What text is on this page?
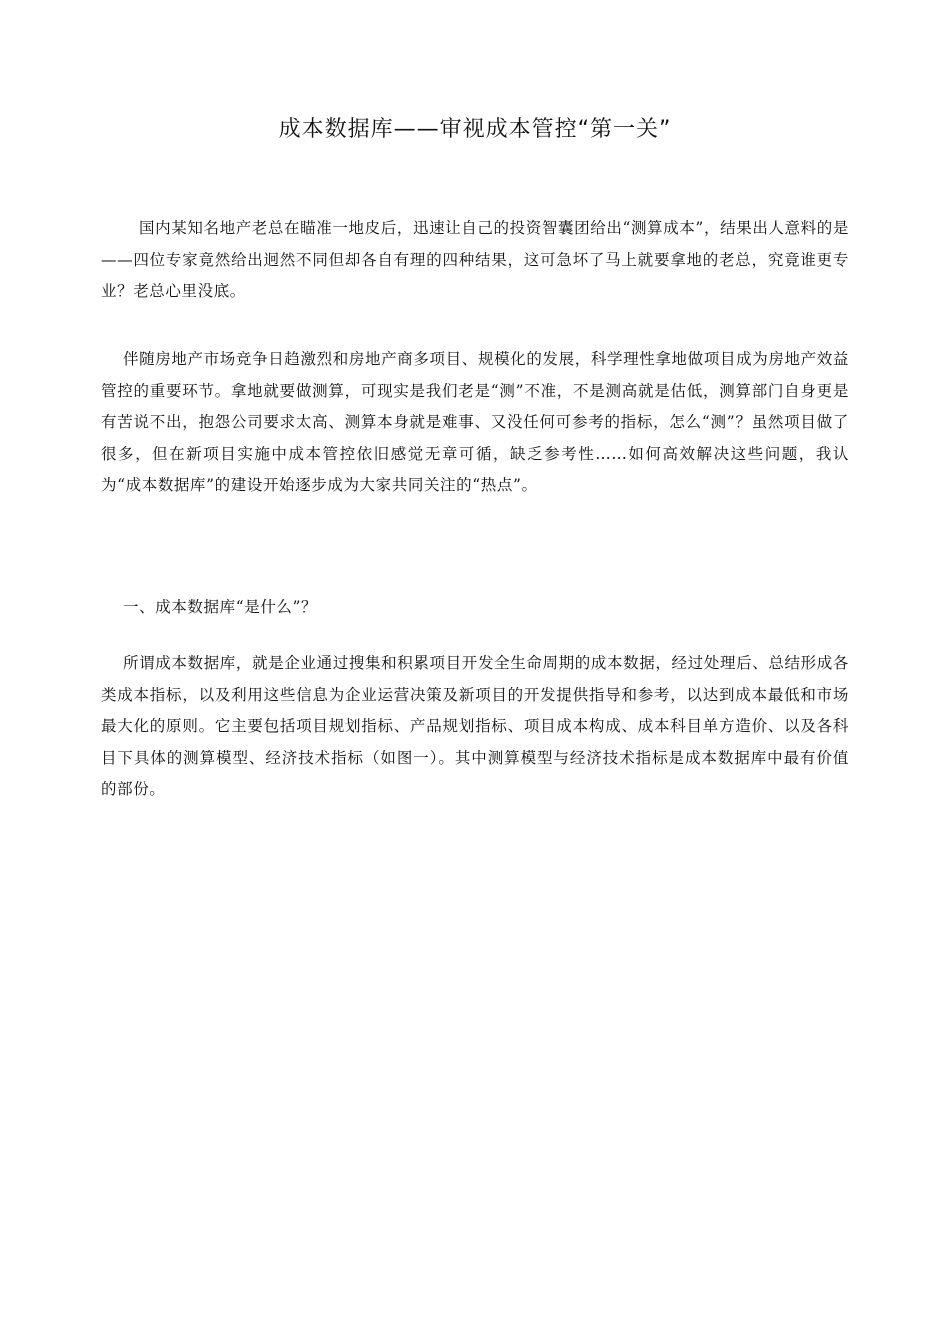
成本数据库——审视成本管控“第一关”

国内某知名地产老总在瞄准一地皮后，迅速让自己的投资智囊团给出“测算成本”，结果出人意料的是——四位专家竟然给出迥然不同但却各自有理的四种结果，这可急坏了马上就要拿地的老总，究竟谁更专业？老总心里没底。

伴随房地产市场竞争日趋激烈和房地产商多项目、规模化的发展，科学理性拿地做项目成为房地产效益管控的重要环节。拿地就要做测算，可现实是我们老是“测”不准，不是测高就是估低，测算部门自身更是有苦说不出，抱怨公司要求太高、测算本身就是难事、又没任何可参考的指标，怎么“测”？虽然项目做了很多，但在新项目实施中成本管控依旧感觉无章可循，缺乏参考性……如何高效解决这些问题，我认为“成本数据库”的建设开始逐步成为大家共同关注的“热点”。

一、成本数据库“是什么”？

所谓成本数据库，就是企业通过搜集和积累项目开发全生命周期的成本数据，经过处理后、总结形成各类成本指标，以及利用这些信息为企业运营决策及新项目的开发提供指导和参考，以达到成本最低和市场最大化的原则。它主要包括项目规划指标、产品规划指标、项目成本构成、成本科目单方造价、以及各科目下具体的测算模型、经济技术指标（如图一）。其中测算模型与经济技术指标是成本数据库中最有价值的部份。
